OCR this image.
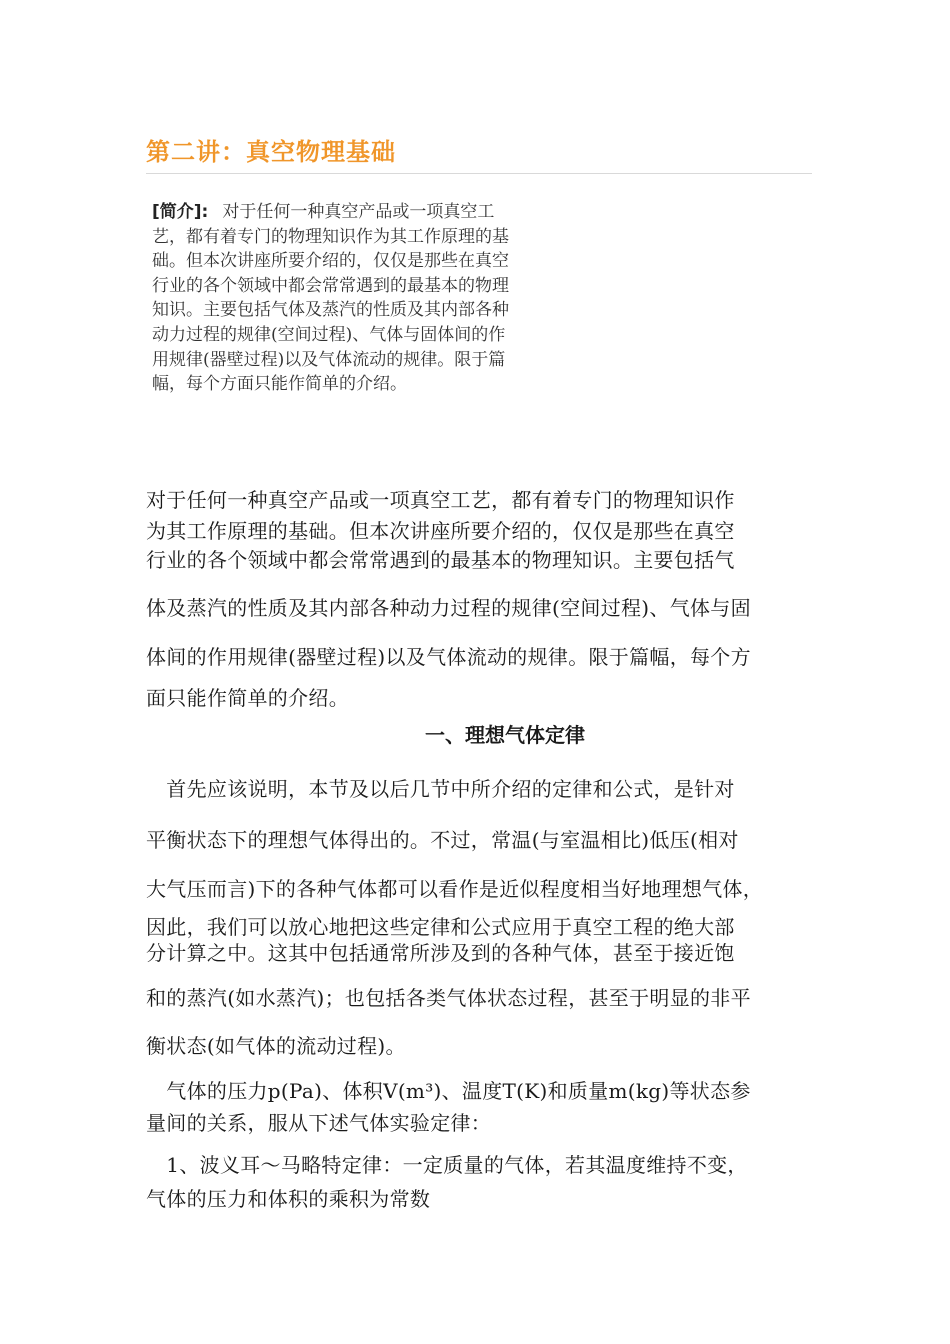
第二讲：真空物理基础

[简介]: 对于任何一种真空产品或一项真空工艺，都有着专门的物理知识作为其工作原理的基础。但本次讲座所要介绍的，仅仅是那些在真空行业的各个领域中都会常常遇到的最基本的物理知识。主要包括气体及蒸汽的性质及其内部各种动力过程的规律(空间过程)、气体与固体间的作用规律(器壁过程)以及气体流动的规律。限于篇幅，每个方面只能作简单的介绍。

对于任何一种真空产品或一项真空工艺，都有着专门的物理知识作
为其工作原理的基础。但本次讲座所要介绍的，仅仅是那些在真空
行业的各个领域中都会常常遇到的最基本的物理知识。主要包括气
体及蒸汽的性质及其内部各种动力过程的规律(空间过程)、气体与固
体间的作用规律(器壁过程)以及气体流动的规律。限于篇幅，每个方
面只能作简单的介绍。
一、理想气体定律
　首先应该说明，本节及以后几节中所介绍的定律和公式，是针对
平衡状态下的理想气体得出的。不过，常温(与室温相比)低压(相对
大气压而言)下的各种气体都可以看作是近似程度相当好地理想气体，
因此，我们可以放心地把这些定律和公式应用于真空工程的绝大部
分计算之中。这其中包括通常所涉及到的各种气体，甚至于接近饱
和的蒸汽(如水蒸汽)；也包括各类气体状态过程，甚至于明显的非平
衡状态(如气体的流动过程)。
　气体的压力p(Pa)、体积V(m³)、温度T(K)和质量m(kg)等状态参
量间的关系，服从下述气体实验定律：
　1、波义耳～马略特定律：一定质量的气体，若其温度维持不变，
气体的压力和体积的乘积为常数
